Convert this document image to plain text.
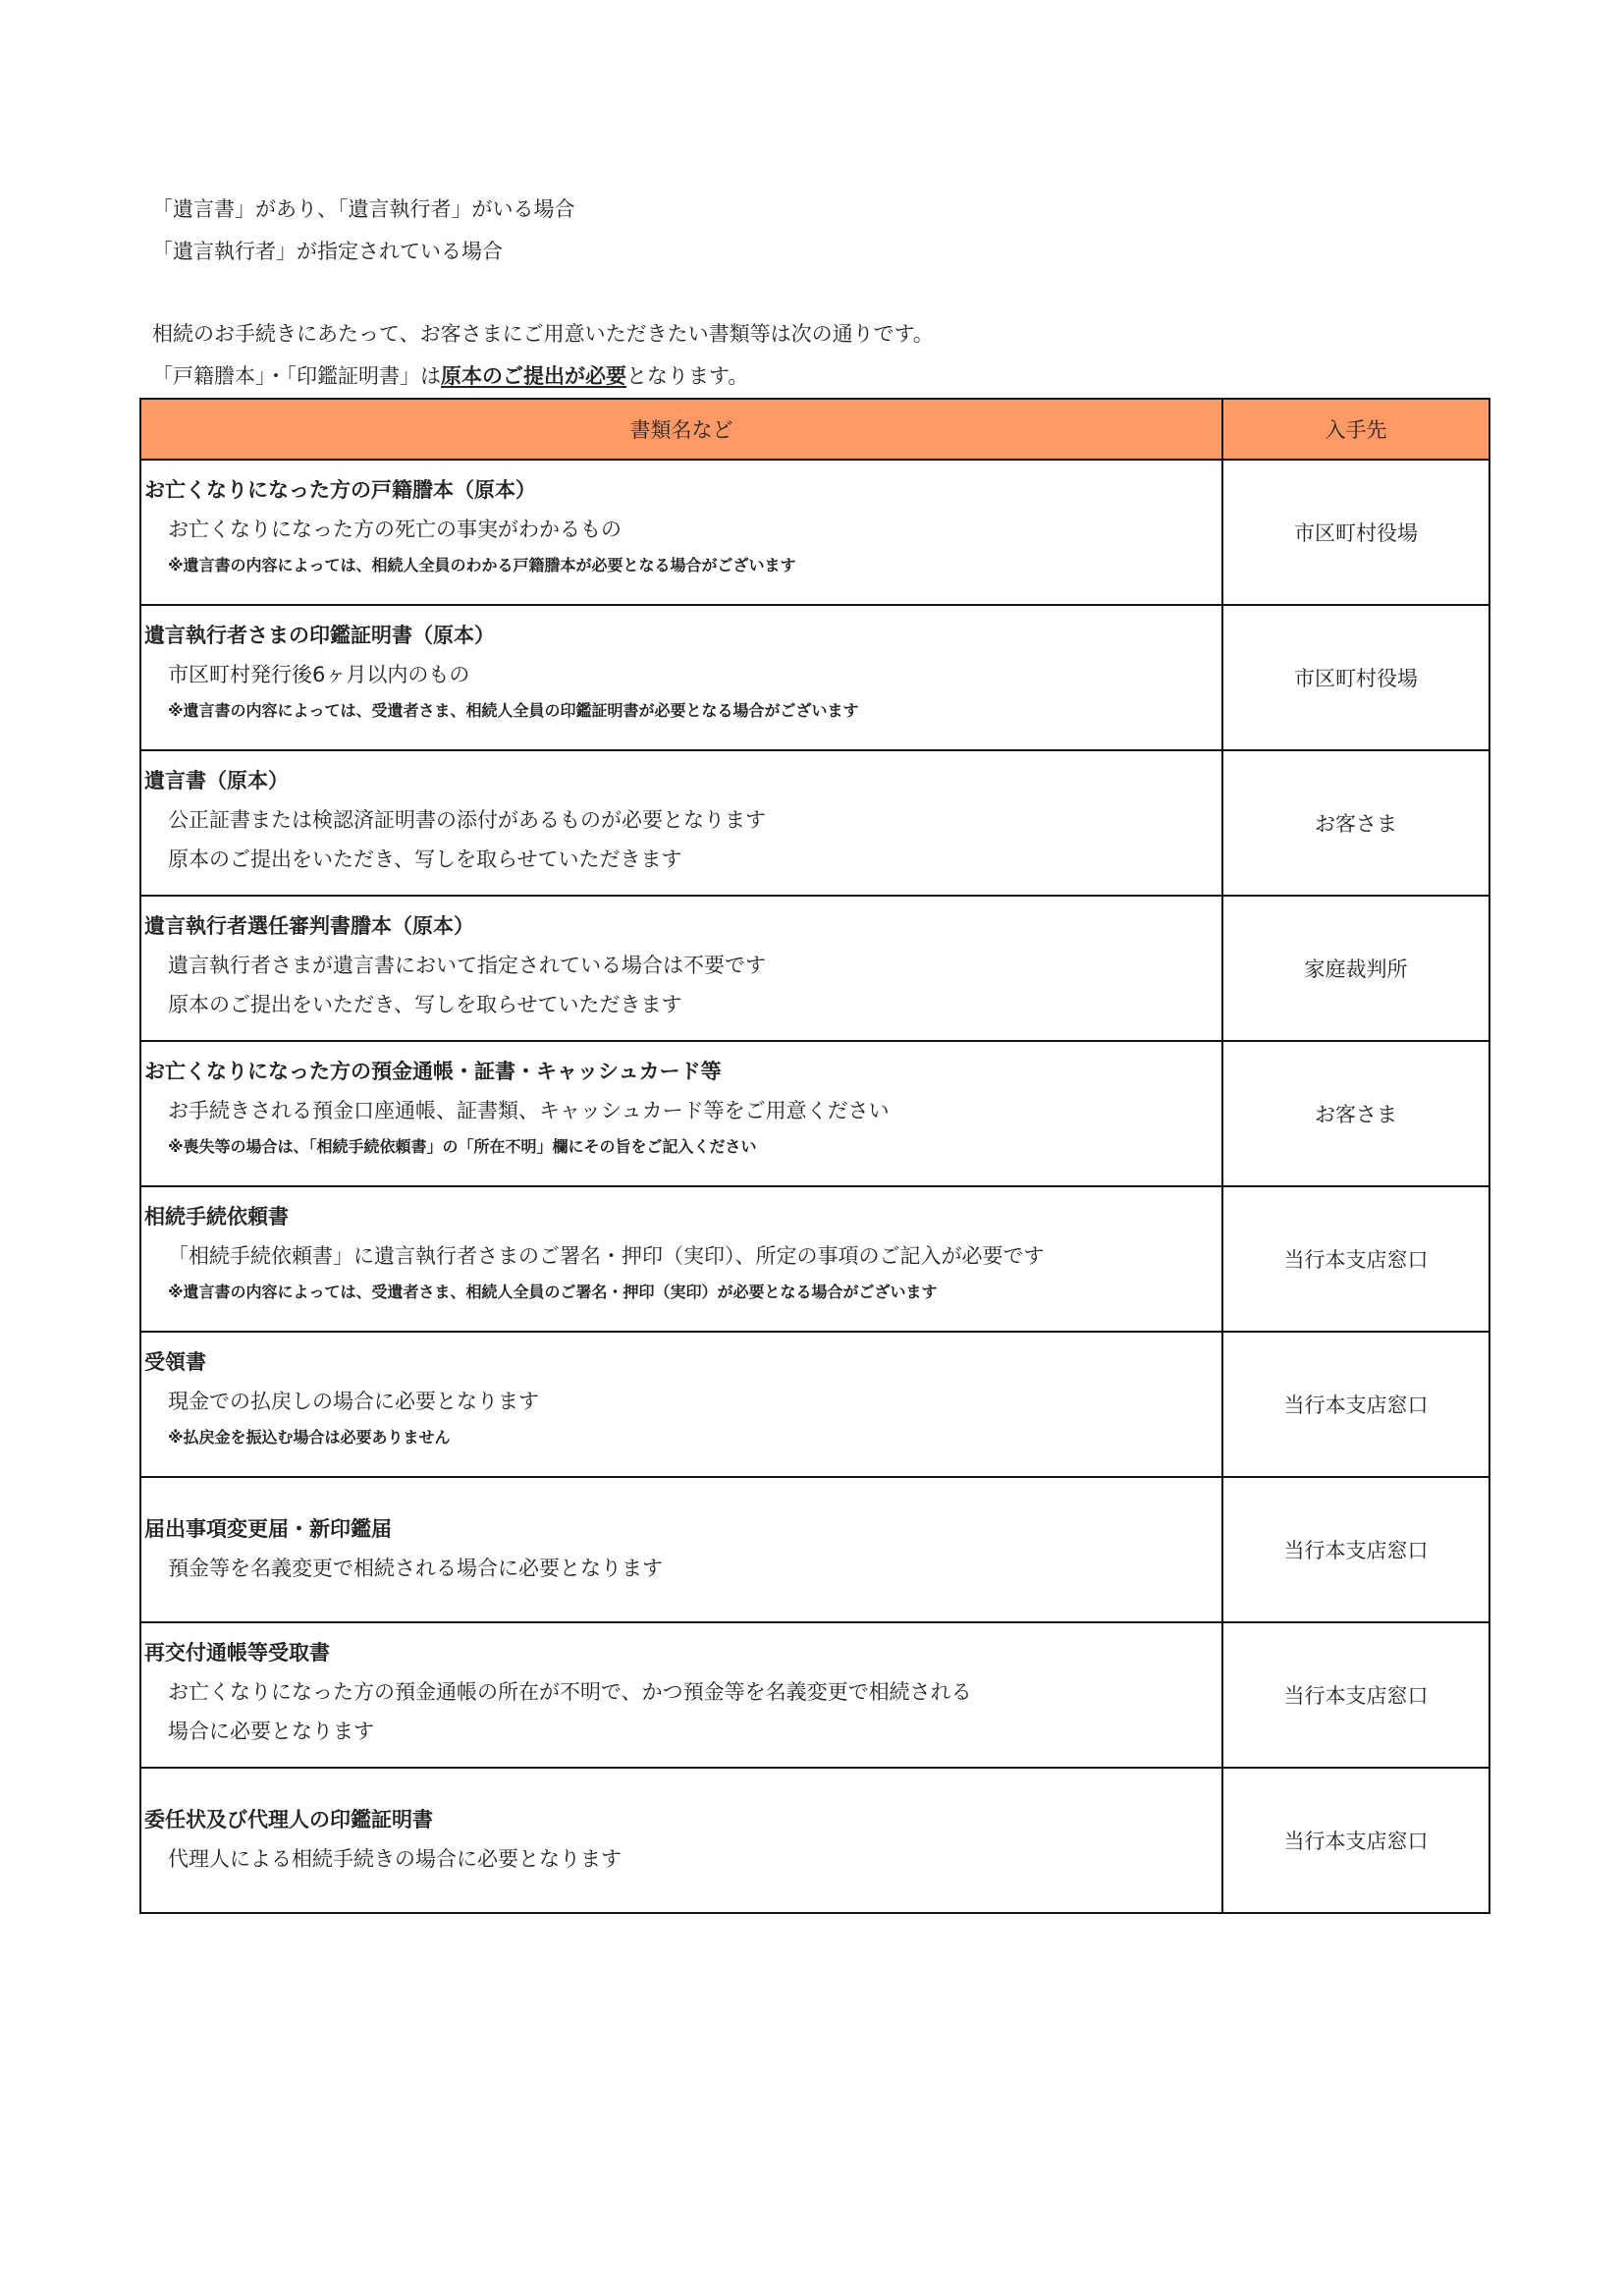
「遺言書」があり、「遺言執行者」がいる場合
「遺言執行者」が指定されている場合
相続のお手続きにあたって、お客さまにご用意いただきたい書類等は次の通りです。
「戸籍謄本」・「印鑑証明書」は原本のご提出が必要となります。
書類名など	入手先

お亡くなりになった方の戸籍謄本（原本）
お亡くなりになった方の死亡の事実がわかるもの
※遺言書の内容によっては、相続人全員のわかる戸籍謄本が必要となる場合がございます	市区町村役場

遺言執行者さまの印鑑証明書（原本）
市区町村発行後6ヶ月以内のもの
※遺言書の内容によっては、受遺者さま、相続人全員の印鑑証明書が必要となる場合がございます	市区町村役場

遺言書（原本）
公正証書または検認済証明書の添付があるものが必要となります
原本のご提出をいただき、写しを取らせていただきます	お客さま

遺言執行者選任審判書謄本（原本）
遺言執行者さまが遺言書において指定されている場合は不要です
原本のご提出をいただき、写しを取らせていただきます	家庭裁判所

お亡くなりになった方の預金通帳・証書・キャッシュカード等
お手続きされる預金口座通帳、証書類、キャッシュカード等をご用意ください
※喪失等の場合は、「相続手続依頼書」の「所在不明」欄にその旨をご記入ください	お客さま

相続手続依頼書
「相続手続依頼書」に遺言執行者さまのご署名・押印（実印）、所定の事項のご記入が必要です
※遺言書の内容によっては、受遺者さま、相続人全員のご署名・押印（実印）が必要となる場合がございます	当行本支店窓口

受領書
現金での払戻しの場合に必要となります
※払戻金を振込む場合は必要ありません	当行本支店窓口

届出事項変更届・新印鑑届
預金等を名義変更で相続される場合に必要となります	当行本支店窓口

再交付通帳等受取書
お亡くなりになった方の預金通帳の所在が不明で、かつ預金等を名義変更で相続される
場合に必要となります	当行本支店窓口

委任状及び代理人の印鑑証明書
代理人による相続手続きの場合に必要となります	当行本支店窓口
